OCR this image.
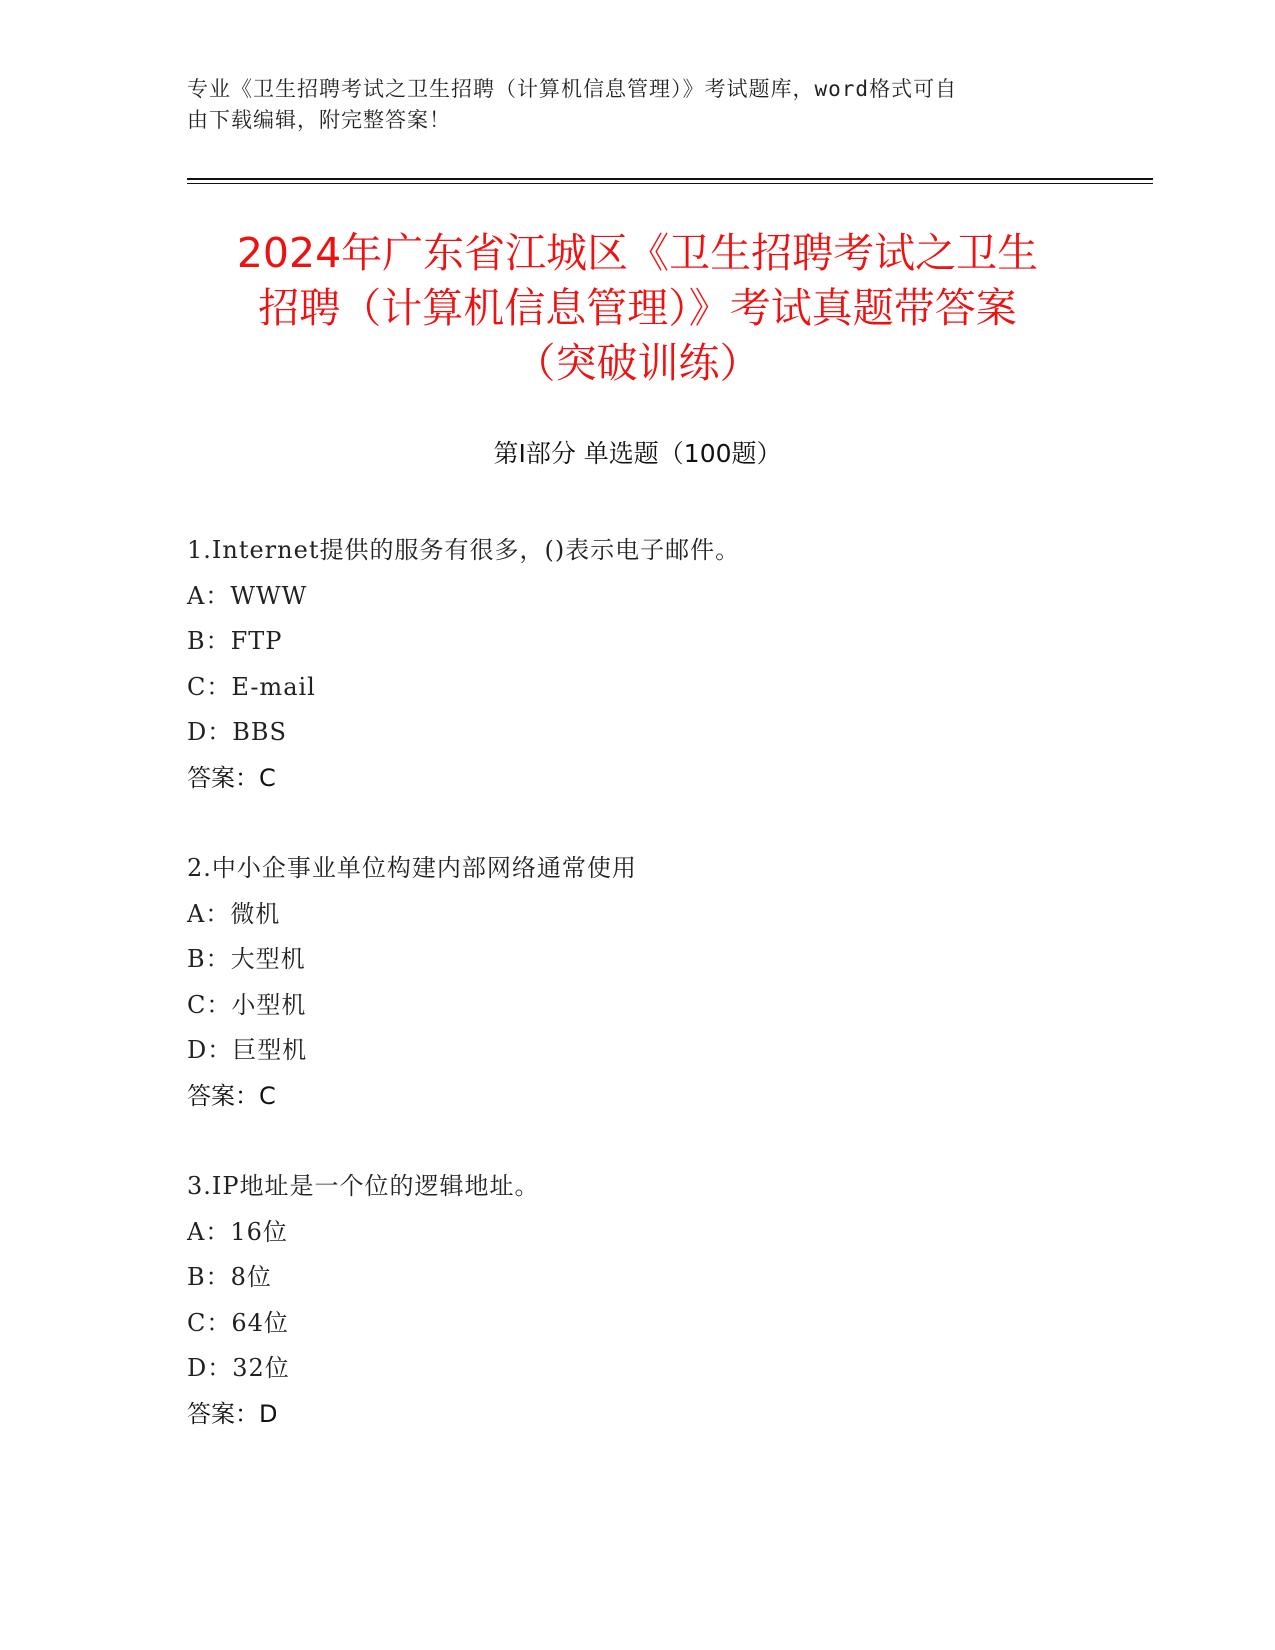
专业《卫生招聘考试之卫生招聘（计算机信息管理）》考试题库，word格式可自
由下载编辑，附完整答案！
2024年广东省江城区《卫生招聘考试之卫生
招聘（计算机信息管理）》考试真题带答案
（突破训练）
第Ⅰ部分 单选题（100题）
1.Internet提供的服务有很多，()表示电子邮件。
A：WWW
B：FTP
C：E-mail
D：BBS
答案：C
2.中小企事业单位构建内部网络通常使用
A：微机
B：大型机
C：小型机
D：巨型机
答案：C
3.IP地址是一个位的逻辑地址。
A：16位
B：8位
C：64位
D：32位
答案：D
